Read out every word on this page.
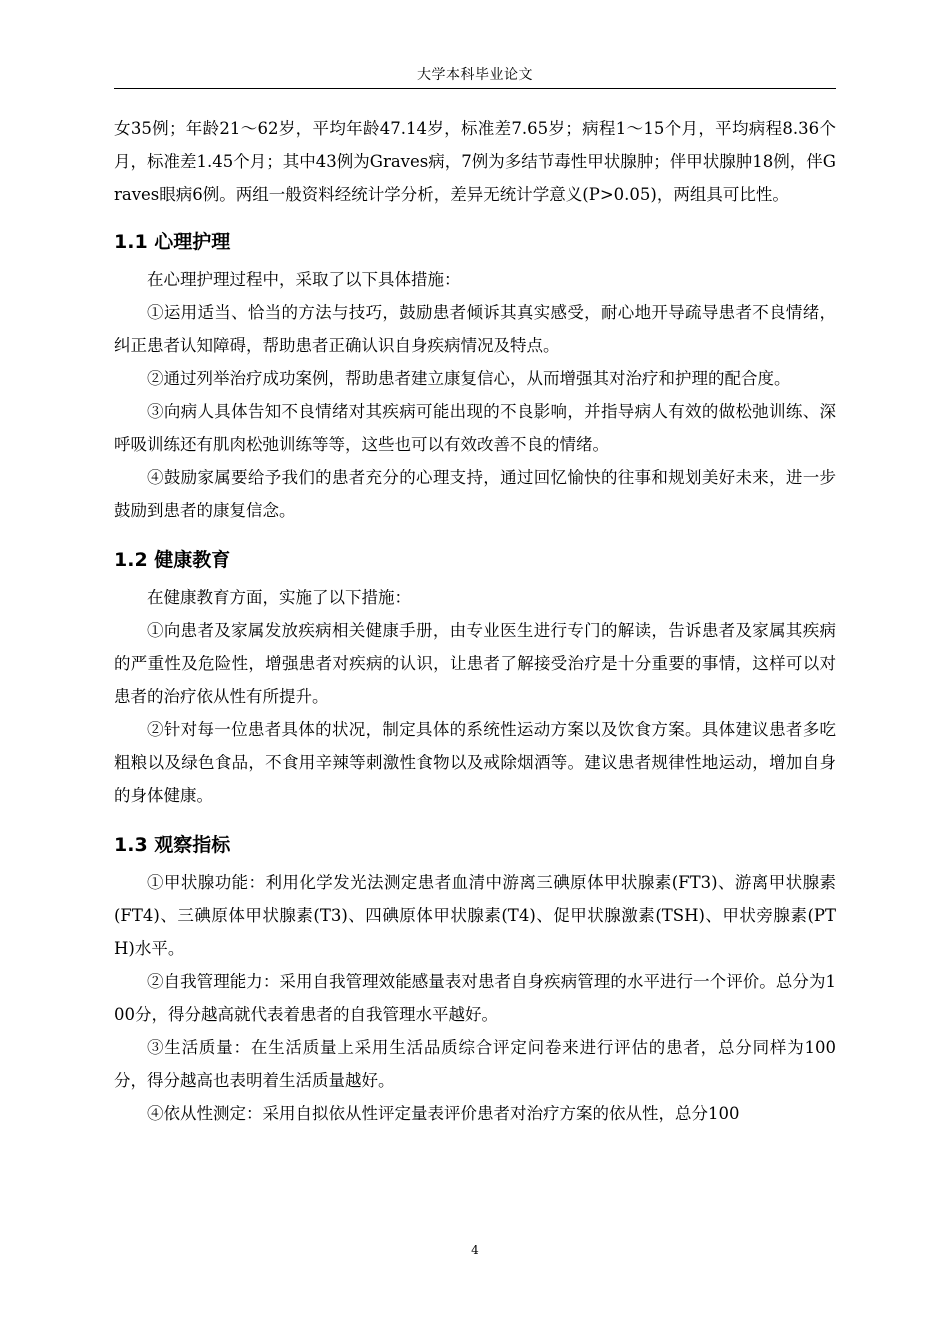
大学本科毕业论文

女35例；年龄21～62岁，平均年龄47.14岁，标准差7.65岁；病程1～15个月，平均病程8.36个月，标准差1.45个月；其中43例为Graves病，7例为多结节毒性甲状腺肿；伴甲状腺肿18例，伴Graves眼病6例。两组一般资料经统计学分析，差异无统计学意义(P>0.05)，两组具可比性。

1.1 心理护理

在心理护理过程中，采取了以下具体措施：

①运用适当、恰当的方法与技巧，鼓励患者倾诉其真实感受，耐心地开导疏导患者不良情绪，纠正患者认知障碍，帮助患者正确认识自身疾病情况及特点。

②通过列举治疗成功案例，帮助患者建立康复信心，从而增强其对治疗和护理的配合度。

③向病人具体告知不良情绪对其疾病可能出现的不良影响，并指导病人有效的做松弛训练、深呼吸训练还有肌肉松弛训练等等，这些也可以有效改善不良的情绪。

④鼓励家属要给予我们的患者充分的心理支持，通过回忆愉快的往事和规划美好未来，进一步鼓励到患者的康复信念。

1.2 健康教育

在健康教育方面，实施了以下措施：

①向患者及家属发放疾病相关健康手册，由专业医生进行专门的解读，告诉患者及家属其疾病的严重性及危险性，增强患者对疾病的认识，让患者了解接受治疗是十分重要的事情，这样可以对患者的治疗依从性有所提升。

②针对每一位患者具体的状况，制定具体的系统性运动方案以及饮食方案。具体建议患者多吃粗粮以及绿色食品，不食用辛辣等刺激性食物以及戒除烟酒等。建议患者规律性地运动，增加自身的身体健康。

1.3 观察指标

①甲状腺功能：利用化学发光法测定患者血清中游离三碘原体甲状腺素(FT3)、游离甲状腺素(FT4)、三碘原体甲状腺素(T3)、四碘原体甲状腺素(T4)、促甲状腺激素(TSH)、甲状旁腺素(PTH)水平。

②自我管理能力：采用自我管理效能感量表对患者自身疾病管理的水平进行一个评价。总分为100分，得分越高就代表着患者的自我管理水平越好。

③生活质量：在生活质量上采用生活品质综合评定问卷来进行评估的患者，总分同样为100分，得分越高也表明着生活质量越好。

④依从性测定：采用自拟依从性评定量表评价患者对治疗方案的依从性，总分100

4
